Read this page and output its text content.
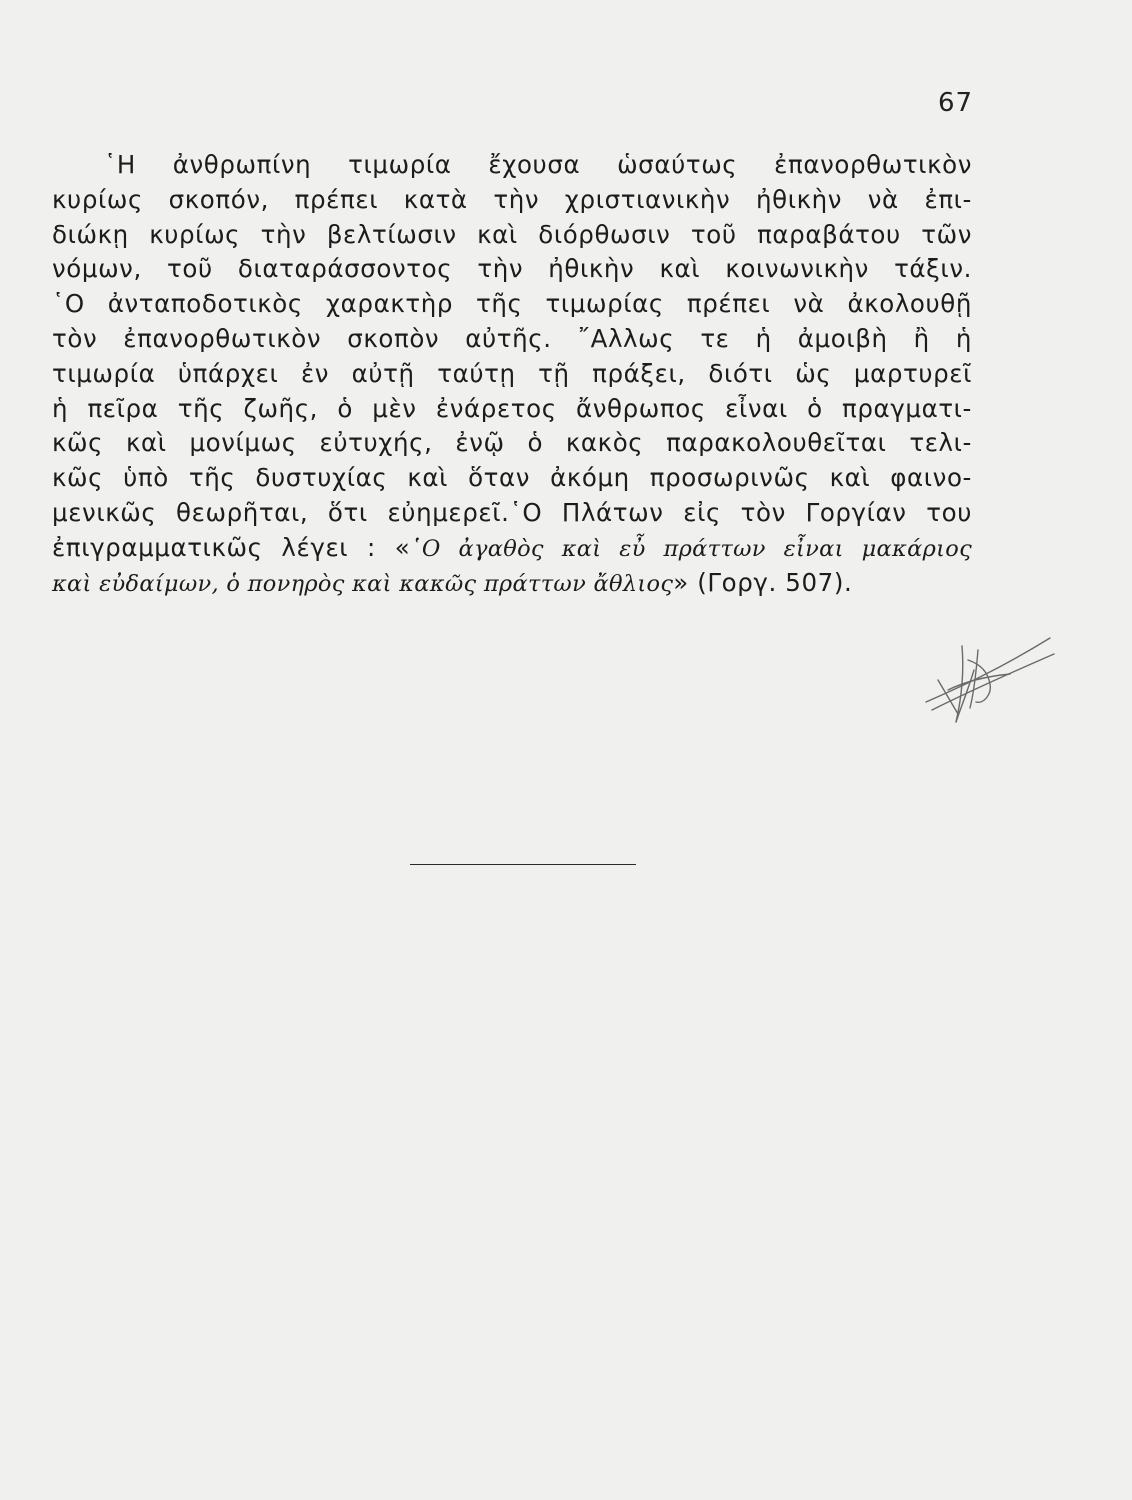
67
῾Η ἀνθρωπίνη τιμωρία ἔχουσα ὡσαύτως ἐπανορθωτικὸν
κυρίως σκοπόν, πρέπει κατὰ τὴν χριστιανικὴν ἠθικὴν νὰ ἐπι-
διώκῃ κυρίως τὴν βελτίωσιν καὶ διόρθωσιν τοῦ παραβάτου τῶν
νόμων, τοῦ διαταράσσοντος τὴν ἠθικὴν καὶ κοινωνικὴν τάξιν.
῾Ο ἀνταποδοτικὸς χαρακτὴρ τῆς τιμωρίας πρέπει νὰ ἀκολουθῇ
τὸν ἐπανορθωτικὸν σκοπὸν αὐτῆς. ῎Αλλως τε ἡ ἀμοιβὴ ἢ ἡ
τιμωρία ὑπάρχει ἐν αὐτῇ ταύτῃ τῇ πράξει, διότι ὡς μαρτυρεῖ
ἡ πεῖρα τῆς ζωῆς, ὁ μὲν ἐνάρετος ἄνθρωπος εἶναι ὁ πραγματι-
κῶς καὶ μονίμως εὐτυχής, ἐνῷ ὁ κακὸς παρακολουθεῖται τελι-
κῶς ὑπὸ τῆς δυστυχίας καὶ ὅταν ἀκόμη προσωρινῶς καὶ φαινο-
μενικῶς θεωρῆται, ὅτι εὐημερεῖ.῾Ο Πλάτων εἰς τὸν Γοργίαν του
ἐπιγραμματικῶς λέγει : «῾Ο ἀγαθὸς καὶ εὖ πράττων εἶναι μακάριος
καὶ εὐδαίμων, ὁ πονηρὸς καὶ κακῶς πράττων ἄθλιος» (Γοργ. 507).
